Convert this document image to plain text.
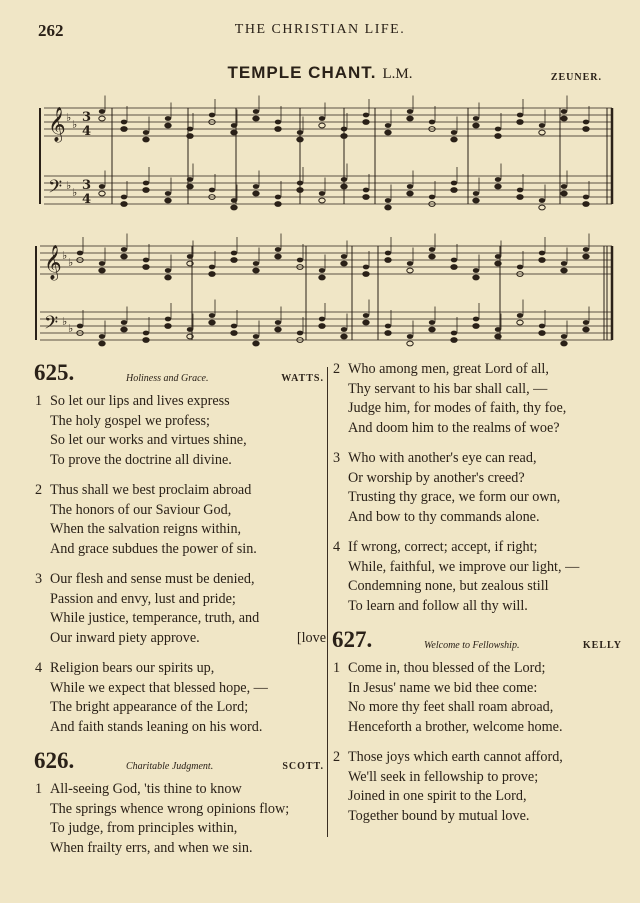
262	THE CHRISTIAN LIFE.
TEMPLE CHANT. L.M.	ZEUNER.
𝄞 ♭
♭ 3
4
𝄢 ♭
♭ 3
4
𝄞 ♭
♭
𝄢 ♭
♭
625.	Holiness and Grace.	WATTS.
1 So let our lips and lives express
The holy gospel we profess;
So let our works and virtues shine,
To prove the doctrine all divine.
2 Thus shall we best proclaim abroad
The honors of our Saviour God,
When the salvation reigns within,
And grace subdues the power of sin.
3 Our flesh and sense must be denied,
Passion and envy, lust and pride;
While justice, temperance, truth, and
Our inward piety approve.	[love
4 Religion bears our spirits up,
While we expect that blessed hope, —
The bright appearance of the Lord;
And faith stands leaning on his word.
626.	Charitable Judgment.	SCOTT.
1 All-seeing God, 'tis thine to know
The springs whence wrong opinions flow;
To judge, from principles within,
When frailty errs, and when we sin.
2 Who among men, great Lord of all,
Thy servant to his bar shall call, —
Judge him, for modes of faith, thy foe,
And doom him to the realms of woe?
3 Who with another's eye can read,
Or worship by another's creed?
Trusting thy grace, we form our own,
And bow to thy commands alone.
4 If wrong, correct; accept, if right;
While, faithful, we improve our light, —
Condemning none, but zealous still
To learn and follow all thy will.
627.	Welcome to Fellowship.	KELLY
1 Come in, thou blessed of the Lord;
In Jesus' name we bid thee come:
No more thy feet shall roam abroad,
Henceforth a brother, welcome home.
2 Those joys which earth cannot afford,
We'll seek in fellowship to prove;
Joined in one spirit to the Lord,
Together bound by mutual love.
